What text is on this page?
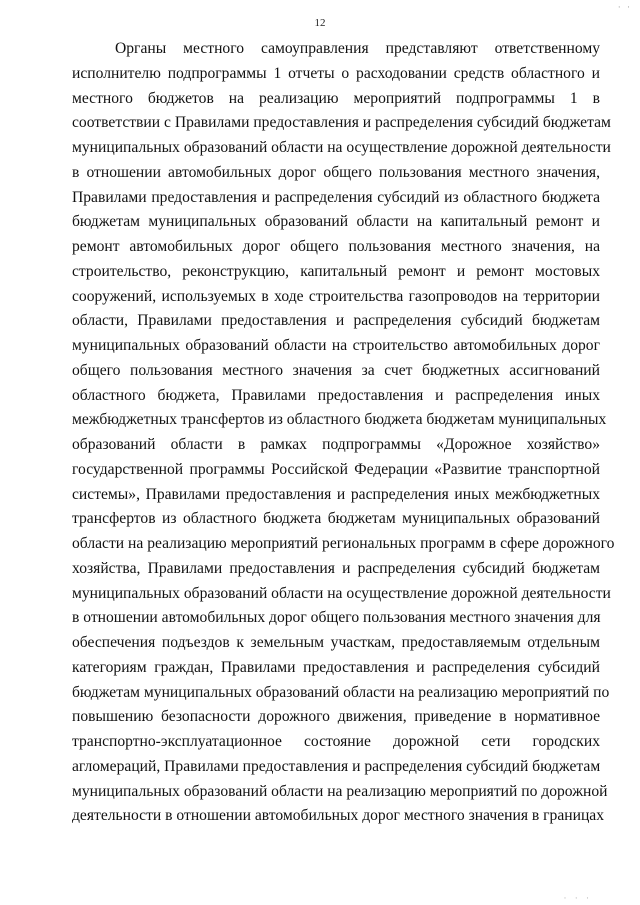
12
Органы местного самоуправления представляют ответственному
исполнителю подпрограммы 1 отчеты о расходовании средств областного и
местного бюджетов на реализацию мероприятий подпрограммы 1 в
соответствии с Правилами предоставления и распределения субсидий бюджетам
муниципальных образований области на осуществление дорожной деятельности
в отношении автомобильных дорог общего пользования местного значения,
Правилами предоставления и распределения субсидий из областного бюджета
бюджетам муниципальных образований области на капитальный ремонт и
ремонт автомобильных дорог общего пользования местного значения, на
строительство, реконструкцию, капитальный ремонт и ремонт мостовых
сооружений, используемых в ходе строительства газопроводов на территории
области, Правилами предоставления и распределения субсидий бюджетам
муниципальных образований области на строительство автомобильных дорог
общего пользования местного значения за счет бюджетных ассигнований
областного бюджета, Правилами предоставления и распределения иных
межбюджетных трансфертов из областного бюджета бюджетам муниципальных
образований области в рамках подпрограммы «Дорожное хозяйство»
государственной программы Российской Федерации «Развитие транспортной
системы», Правилами предоставления и распределения иных межбюджетных
трансфертов из областного бюджета бюджетам муниципальных образований
области на реализацию мероприятий региональных программ в сфере дорожного
хозяйства, Правилами предоставления и распределения субсидий бюджетам
муниципальных образований области на осуществление дорожной деятельности
в отношении автомобильных дорог общего пользования местного значения для
обеспечения подъездов к земельным участкам, предоставляемым отдельным
категориям граждан, Правилами предоставления и распределения субсидий
бюджетам муниципальных образований области на реализацию мероприятий по
повышению безопасности дорожного движения, приведение в нормативное
транспортно-эксплуатационное состояние дорожной сети городских
агломераций, Правилами предоставления и распределения субсидий бюджетам
муниципальных образований области на реализацию мероприятий по дорожной
деятельности в отношении автомобильных дорог местного значения в границах
· ·
· · ·
